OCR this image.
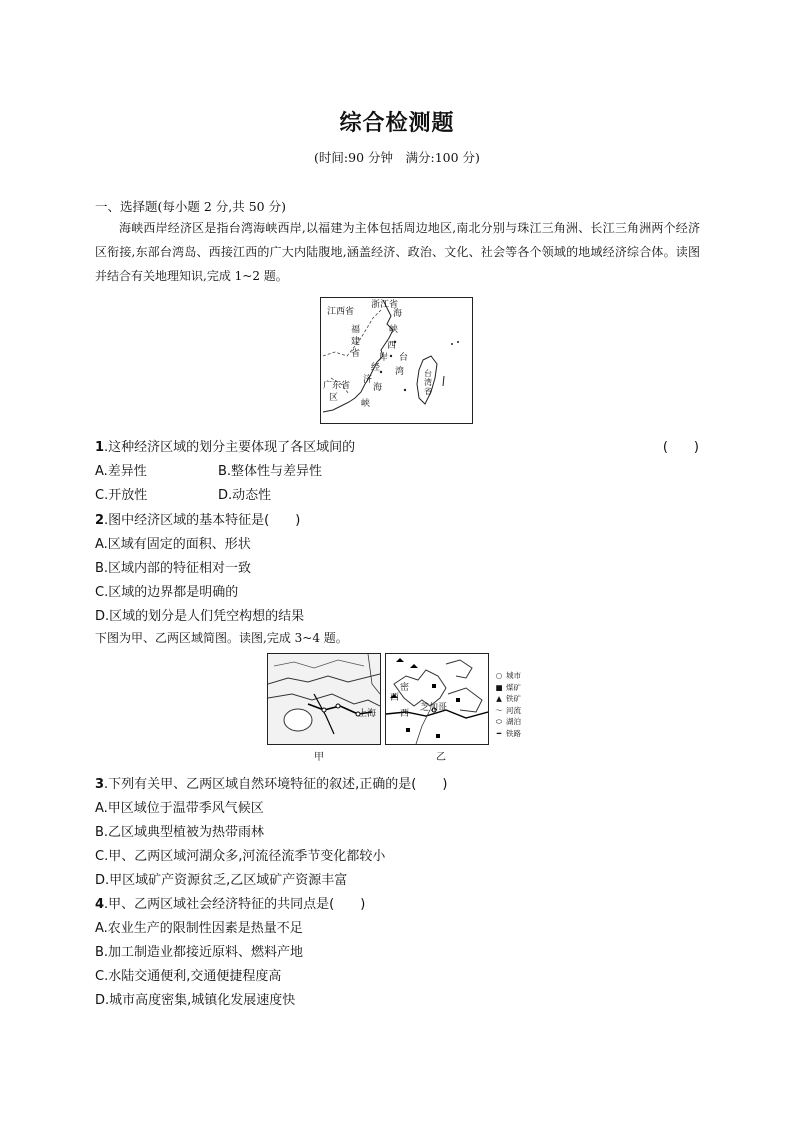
综合检测题
(时间:90 分钟　满分:100 分)
一、选择题(每小题 2 分,共 50 分)
海峡西岸经济区是指台湾海峡西岸,以福建为主体包括周边地区,南北分别与珠江三角洲、长江三角洲两个经济区衔接,东部台湾岛、西接江西的广大内陆腹地,涵盖经济、政治、文化、社会等各个领域的地域经济综合体。读图并结合有关地理知识,完成 1~2 题。
江西省
浙江省
福
建
省
海
峡
西
岸
经
济
台
湾
海
峡
区
广东省
台
湾
省
1.这种经济区域的划分主要体现了各区域间的	(　　)
A.差异性	B.整体性与差异性
C.开放性	D.动态性
2.图中经济区域的基本特征是(　　)
A.区域有固定的面积、形状
B.区域内部的特征相对一致
C.区域的边界都是明确的
D.区域的划分是人们凭空构想的结果
下图为甲、乙两区域简图。读图,完成 3~4 题。
上海
密
西
芝加哥
西
甲	乙
○ 城市
■ 煤矿
▲ 铁矿
〜 河流
⬭ 湖泊
━ 铁路
3.下列有关甲、乙两区域自然环境特征的叙述,正确的是(　　)
A.甲区域位于温带季风气候区
B.乙区域典型植被为热带雨林
C.甲、乙两区域河湖众多,河流径流季节变化都较小
D.甲区域矿产资源贫乏,乙区域矿产资源丰富
4.甲、乙两区域社会经济特征的共同点是(　　)
A.农业生产的限制性因素是热量不足
B.加工制造业都接近原料、燃料产地
C.水陆交通便利,交通便捷程度高
D.城市高度密集,城镇化发展速度快
